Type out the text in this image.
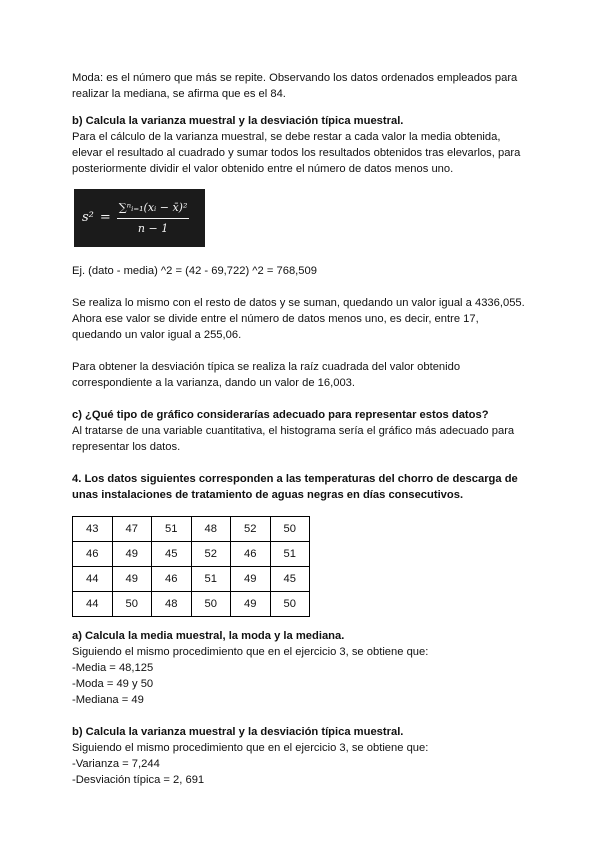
Moda: es el número que más se repite. Observando los datos ordenados empleados para

realizar la mediana, se afirma que es el 84.

b) Calcula la varianza muestral y la desviación típica muestral.

Para el cálculo de la varianza muestral, se debe restar a cada valor la media obtenida,

elevar el resultado al cuadrado y sumar todos los resultados obtenidos tras elevarlos, para

posteriormente dividir el valor obtenido entre el número de datos menos uno.

$s^2 = \frac{\text{∑ⁿᵢ₌₁(xᵢ − x̄)²}}{n - 1}$

Ej. (dato - media) ^2 = (42 - 69,722) ^2 = 768,509

Se realiza lo mismo con el resto de datos y se suman, quedando un valor igual a 4336,055.

Ahora ese valor se divide entre el número de datos menos uno, es decir, entre 17,

quedando un valor igual a 255,06.

Para obtener la desviación típica se realiza la raíz cuadrada del valor obtenido

correspondiente a la varianza, dando un valor de 16,003.

c) ¿Qué tipo de gráfico considerarías adecuado para representar estos datos?

Al tratarse de una variable cuantitativa, el histograma sería el gráfico más adecuado para

representar los datos.

4. Los datos siguientes corresponden a las temperaturas del chorro de descarga de

unas instalaciones de tratamiento de aguas negras en días consecutivos.

43	47	51	48	52	50
46	49	45	52	46	51
44	49	46	51	49	45
44	50	48	50	49	50

a) Calcula la media muestral, la moda y la mediana.

Siguiendo el mismo procedimiento que en el ejercicio 3, se obtiene que:

-Media = 48,125

-Moda = 49 y 50

-Mediana = 49

b) Calcula la varianza muestral y la desviación típica muestral.

Siguiendo el mismo procedimiento que en el ejercicio 3, se obtiene que:

-Varianza = 7,244

-Desviación típica = 2, 691
